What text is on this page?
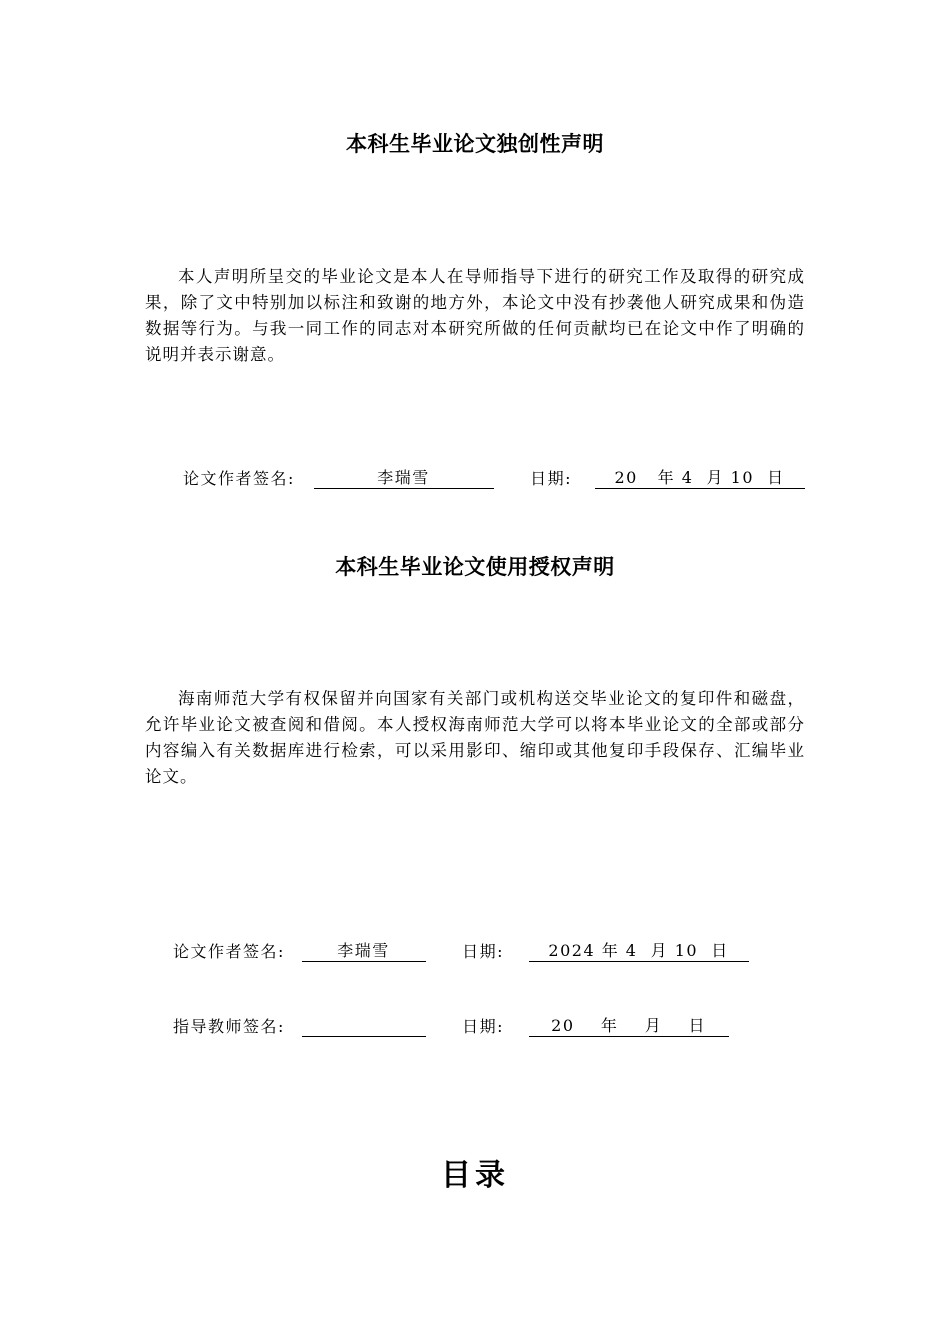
本科生毕业论文独创性声明
本人声明所呈交的毕业论文是本人在导师指导下进行的研究工作及取得的研究成果，除了文中特别加以标注和致谢的地方外，本论文中没有抄袭他人研究成果和伪造数据等行为。与我一同工作的同志对本研究所做的任何贡献均已在论文中作了明确的说明并表示谢意。
论文作者签名:	李瑞雪	日期:	20   年 4  月 10  日
本科生毕业论文使用授权声明
海南师范大学有权保留并向国家有关部门或机构送交毕业论文的复印件和磁盘，允许毕业论文被查阅和借阅。本人授权海南师范大学可以将本毕业论文的全部或部分内容编入有关数据库进行检索，可以采用影印、缩印或其他复印手段保存、汇编毕业论文。
论文作者签名:	李瑞雪	日期:	2024 年 4  月 10  日
指导教师签名:	日期:	20    年    月    日
目录
